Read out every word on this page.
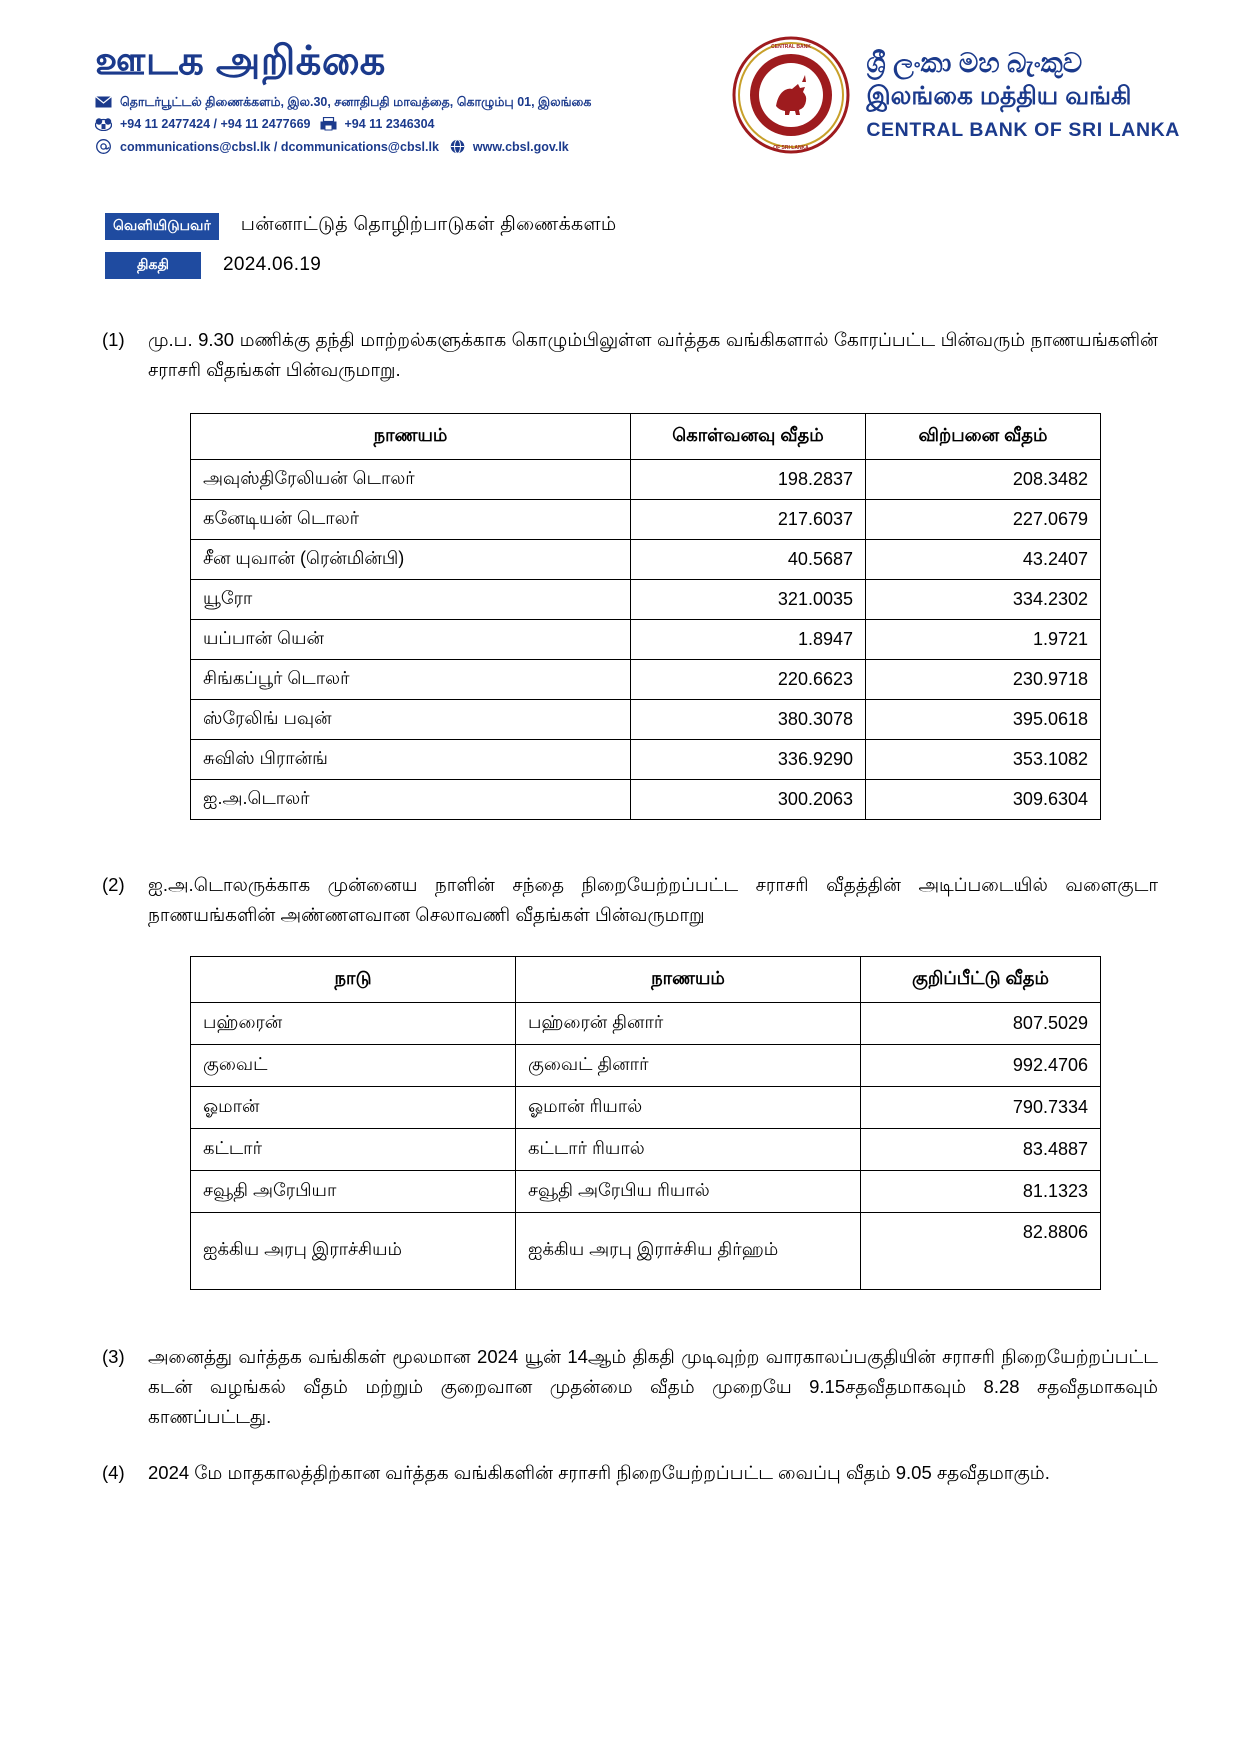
ஊடக அறிக்கை
தொடர்பூட்டல் திணைக்களம், இல.30, சனாதிபதி மாவத்தை, கொழும்பு 01, இலங்கை
+94 11 2477424 / +94 11 2477669	+94 11 2346304
communications@cbsl.lk / dcommunications@cbsl.lk	www.cbsl.gov.lk
CENTRAL BANK
OF SRI LANKA
ශ්‍රී ලංකා මහ බැංකුව
இலங்கை மத்திய வங்கி
CENTRAL BANK OF SRI LANKA
வெளியிடுபவர்	பன்னாட்டுத் தொழிற்பாடுகள் திணைக்களம்
திகதி	2024.06.19
(1)	மு.ப. 9.30 மணிக்கு தந்தி மாற்றல்களுக்காக கொழும்பிலுள்ள வர்த்தக வங்கிகளால் கோரப்பட்ட பின்வரும் நாணயங்களின் சராசரி வீதங்கள் பின்வருமாறு.
நாணயம்	கொள்வனவு வீதம்	விற்பனை வீதம்
அவுஸ்திரேலியன் டொலர்	198.2837	208.3482
கனேடியன் டொலர்	217.6037	227.0679
சீன யுவான் (ரென்மின்பி)	40.5687	43.2407
யூரோ	321.0035	334.2302
யப்பான் யென்	1.8947	1.9721
சிங்கப்பூர் டொலர்	220.6623	230.9718
ஸ்ரேலிங் பவுன்	380.3078	395.0618
சுவிஸ் பிரான்ங்	336.9290	353.1082
ஐ.அ.டொலர்	300.2063	309.6304
(2)	ஐ.அ.டொலருக்காக முன்னைய நாளின் சந்தை நிறையேற்றப்பட்ட சராசரி வீதத்தின் அடிப்படையில் வளைகுடா நாணயங்களின் அண்ணளவான செலாவணி வீதங்கள் பின்வருமாறு
நாடு	நாணயம்	குறிப்பீட்டு வீதம்
பஹ்ரைன்	பஹ்ரைன் தினார்	807.5029
குவைட்	குவைட் தினார்	992.4706
ஓமான்	ஓமான் ரியால்	790.7334
கட்டார்	கட்டார் ரியால்	83.4887
சவூதி அரேபியா	சவூதி அரேபிய ரியால்	81.1323
ஐக்கிய அரபு இராச்சியம்	ஐக்கிய அரபு இராச்சிய திர்ஹம்	82.8806
(3)	அனைத்து வர்த்தக வங்கிகள் மூலமான 2024 யூன் 14ஆம் திகதி முடிவுற்ற வாரகாலப்பகுதியின் சராசரி நிறையேற்றப்பட்ட கடன் வழங்கல் வீதம் மற்றும் குறைவான முதன்மை வீதம் முறையே 9.15சதவீதமாகவும் 8.28 சதவீதமாகவும் காணப்பட்டது.
(4)	2024 மே மாதகாலத்திற்கான வர்த்தக வங்கிகளின் சராசரி நிறையேற்றப்பட்ட வைப்பு வீதம் 9.05 சதவீதமாகும்.
